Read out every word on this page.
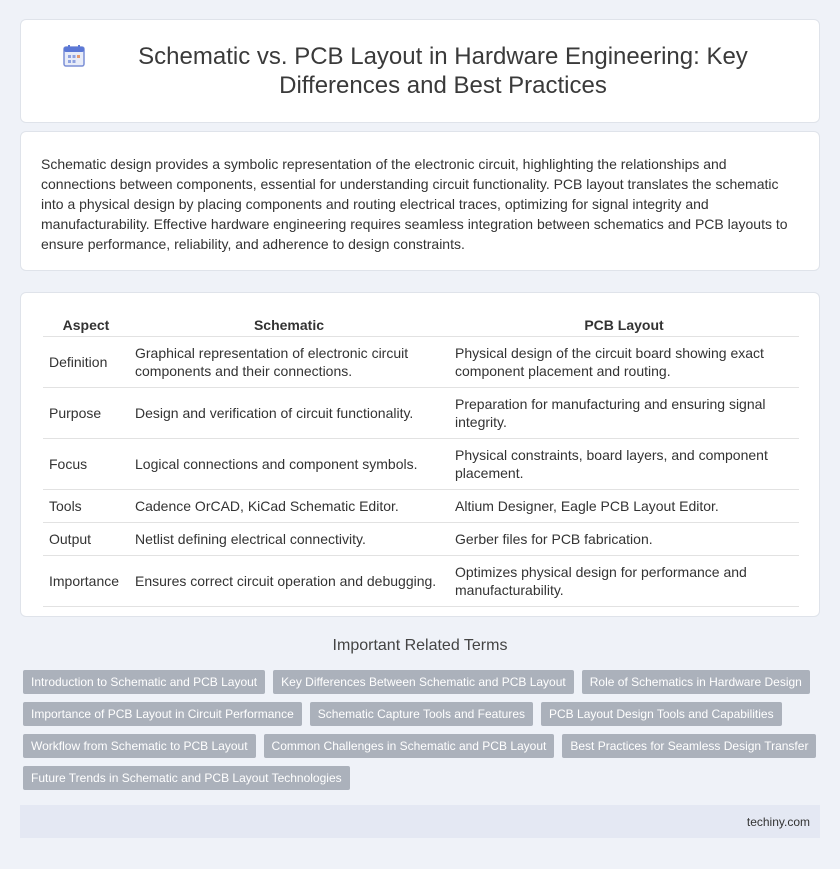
Schematic vs. PCB Layout in Hardware Engineering: Key Differences and Best Practices

Schematic design provides a symbolic representation of the electronic circuit, highlighting the relationships and connections between components, essential for understanding circuit functionality. PCB layout translates the schematic into a physical design by placing components and routing electrical traces, optimizing for signal integrity and manufacturability. Effective hardware engineering requires seamless integration between schematics and PCB layouts to ensure performance, reliability, and adherence to design constraints.

Aspect	Schematic	PCB Layout
Definition	Graphical representation of electronic circuit components and their connections.	Physical design of the circuit board showing exact component placement and routing.
Purpose	Design and verification of circuit functionality.	Preparation for manufacturing and ensuring signal integrity.
Focus	Logical connections and component symbols.	Physical constraints, board layers, and component placement.
Tools	Cadence OrCAD, KiCad Schematic Editor.	Altium Designer, Eagle PCB Layout Editor.
Output	Netlist defining electrical connectivity.	Gerber files for PCB fabrication.
Importance	Ensures correct circuit operation and debugging.	Optimizes physical design for performance and manufacturability.
Important Related Terms
Introduction to Schematic and PCB Layout	Key Differences Between Schematic and PCB Layout	Role of Schematics in Hardware Design
Importance of PCB Layout in Circuit Performance	Schematic Capture Tools and Features	PCB Layout Design Tools and Capabilities
Workflow from Schematic to PCB Layout	Common Challenges in Schematic and PCB Layout	Best Practices for Seamless Design Transfer
Future Trends in Schematic and PCB Layout Technologies
techiny.com
